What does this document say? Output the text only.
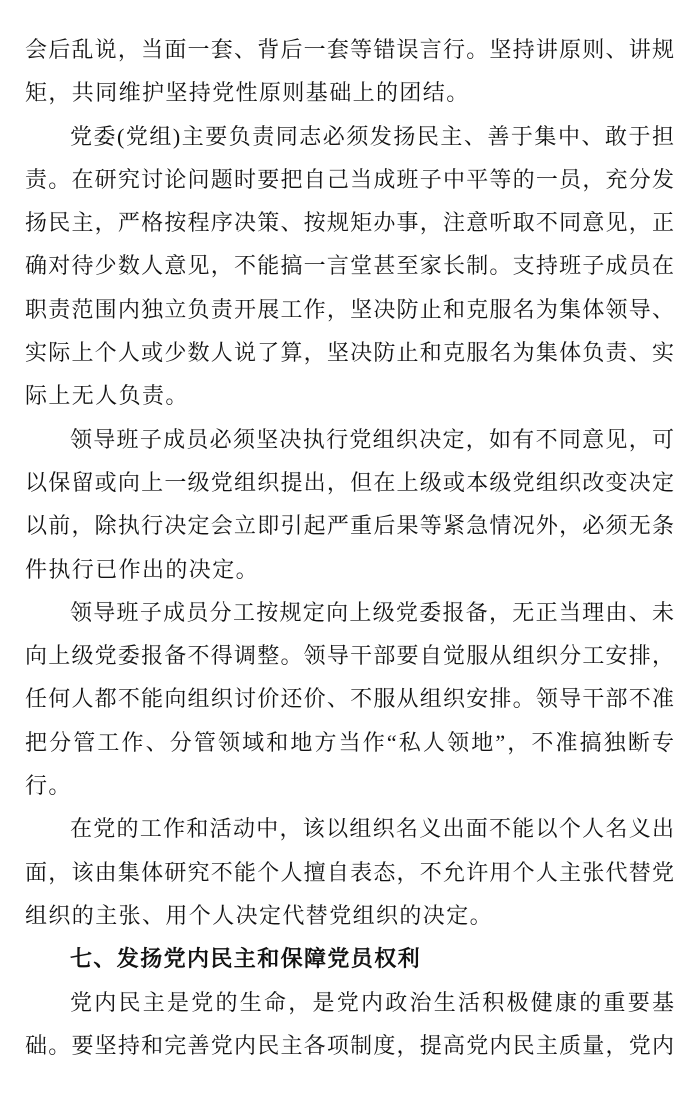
会后乱说，当面一套、背后一套等错误言行。坚持讲原则、讲规
矩，共同维护坚持党性原则基础上的团结。
党委(党组)主要负责同志必须发扬民主、善于集中、敢于担
责。在研究讨论问题时要把自己当成班子中平等的一员，充分发
扬民主，严格按程序决策、按规矩办事，注意听取不同意见，正
确对待少数人意见，不能搞一言堂甚至家长制。支持班子成员在
职责范围内独立负责开展工作，坚决防止和克服名为集体领导、
实际上个人或少数人说了算，坚决防止和克服名为集体负责、实
际上无人负责。
领导班子成员必须坚决执行党组织决定，如有不同意见，可
以保留或向上一级党组织提出，但在上级或本级党组织改变决定
以前，除执行决定会立即引起严重后果等紧急情况外，必须无条
件执行已作出的决定。
领导班子成员分工按规定向上级党委报备，无正当理由、未
向上级党委报备不得调整。领导干部要自觉服从组织分工安排，
任何人都不能向组织讨价还价、不服从组织安排。领导干部不准
把分管工作、分管领域和地方当作“私人领地”，不准搞独断专
行。
在党的工作和活动中，该以组织名义出面不能以个人名义出
面，该由集体研究不能个人擅自表态，不允许用个人主张代替党
组织的主张、用个人决定代替党组织的决定。
七、发扬党内民主和保障党员权利
党内民主是党的生命，是党内政治生活积极健康的重要基
础。要坚持和完善党内民主各项制度，提高党内民主质量，党内
